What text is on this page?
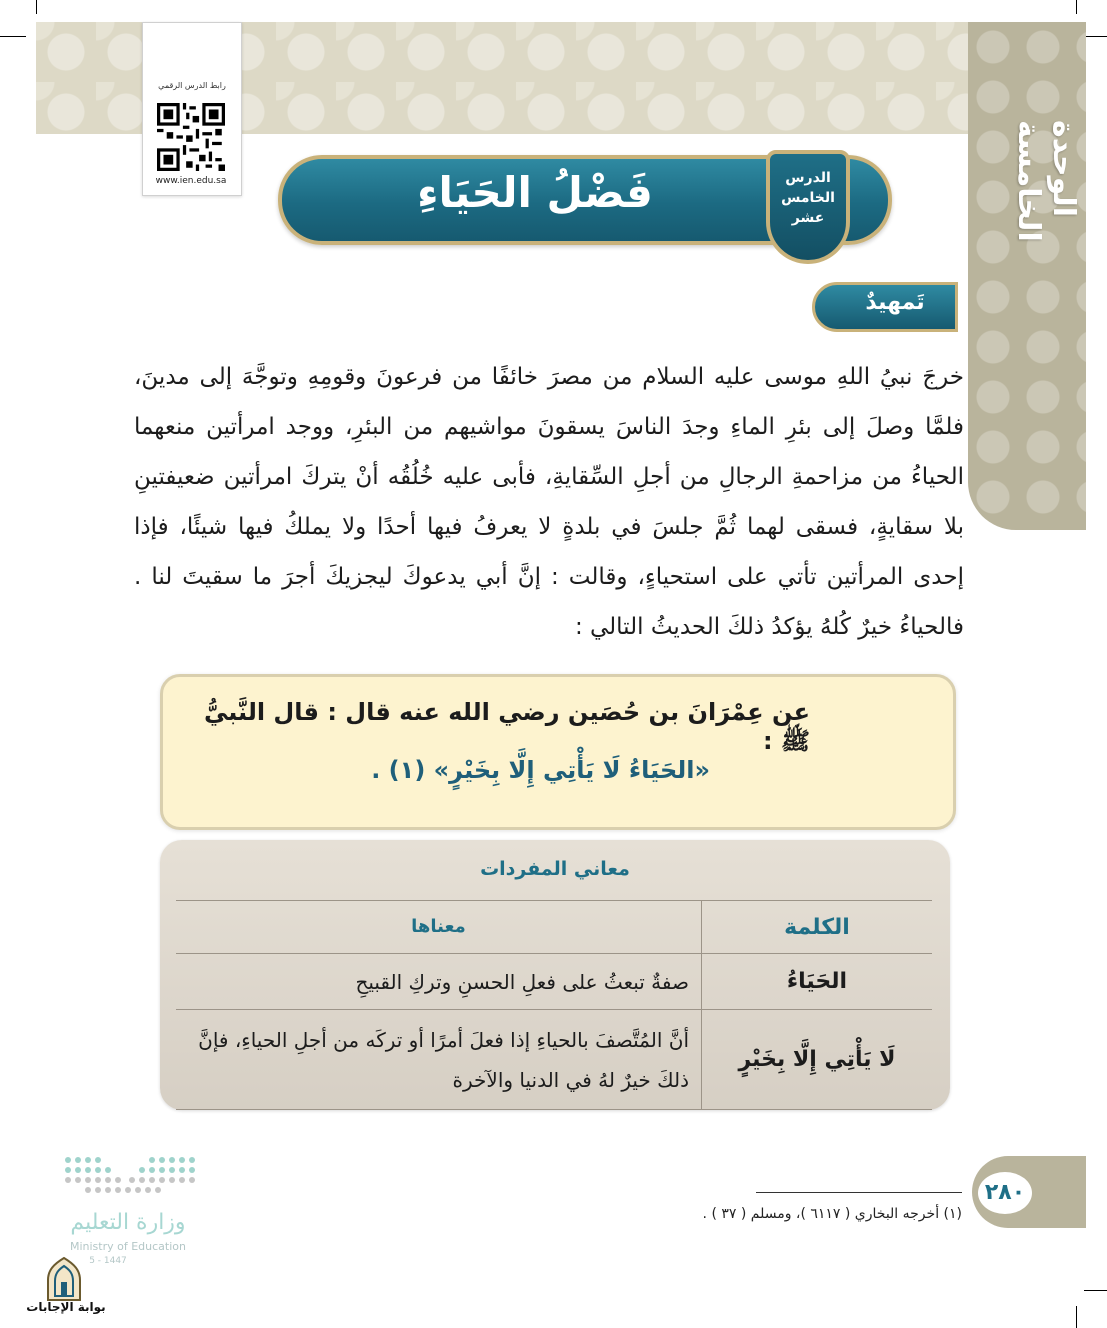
الوحدة الخامسة
رابط الدرس الرقمي
www.ien.edu.sa	فَضْلُ الحَيَاءِ	الدرس
الخامس
عشر
تَمهيدٌ
خرجَ نبيُ اللهِ موسى عليه السلام من مصرَ خائفًا من فرعونَ وقومِهِ وتوجَّهَ إلى مدينَ، فلمَّا وصلَ إلى بئرِ الماءِ وجدَ الناسَ يسقونَ مواشيهم من البئرِ، ووجد امرأتين منعهما الحياءُ من مزاحمةِ الرجالِ من أجلِ السِّقايةِ، فأبى عليه خُلُقُه أنْ يتركَ امرأتين ضعيفتينِ بلا سقايةٍ، فسقى لهما ثُمَّ جلسَ في بلدةٍ لا يعرفُ فيها أحدًا ولا يملكُ فيها شيئًا، فإذا إحدى المرأتين تأتي على استحياءٍ، وقالت : إنَّ أبي يدعوكَ ليجزيكَ أجرَ ما سقيتَ لنا . فالحياءُ خيرٌ كُلهُ يؤكدُ ذلكَ الحديثُ التالي :
عن عِمْرَانَ بن حُصَين رضي الله عنه قال : قال النَّبيُّ ﷺ :
«الحَيَاءُ لَا يَأْتِي إِلَّا بِخَيْرٍ» (١) .
معاني المفردات
الكلمة	معناها
الحَيَاءُ	صفةٌ تبعثُ على فعلِ الحسنِ وتركِ القبيحِ
لَا يَأْتِي إِلَّا بِخَيْرٍ	أنَّ المُتَّصفَ بالحياءِ إذا فعلَ أمرًا أو تركَه من أجلِ الحياءِ، فإنَّ ذلكَ خيرٌ لهُ في الدنيا والآخرة
(١) أخرجه البخاري ( ٦١١٧ )، ومسلم ( ٣٧ ) .
٢٨٠
وزارة التعليم
Ministry of Education
5 - 1447
بوابة الإجابات
